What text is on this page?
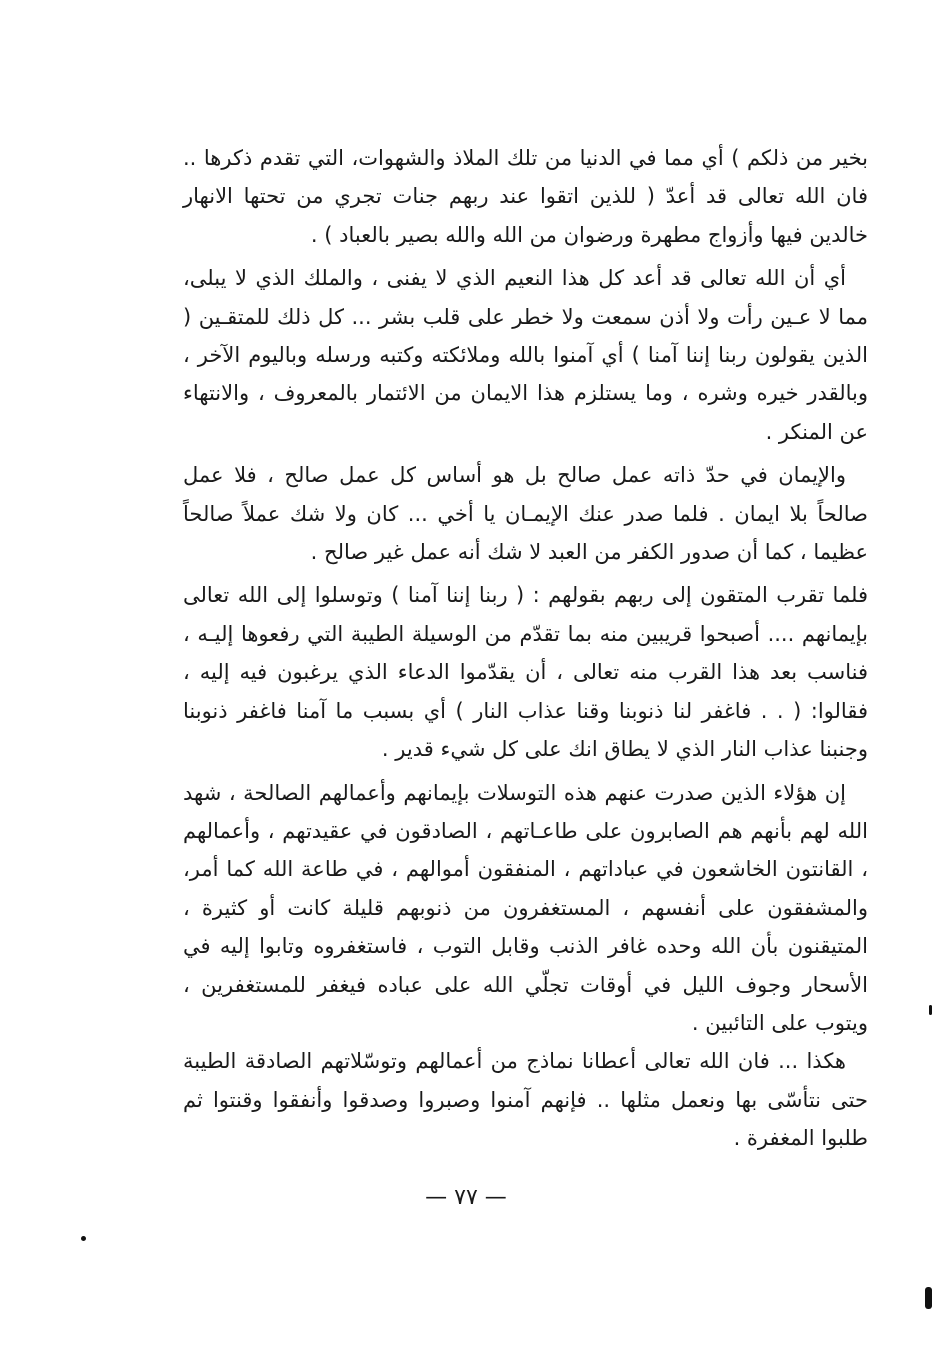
بخير من ذلكم ) أي مما في الدنيا من تلك الملاذ والشهوات، التي تقدم ذكرها .. فان الله تعالى قد أعدّ ( للذين اتقوا عند ربهم جنات تجري من تحتها الانهار خالدين فيها وأزواج مطهرة ورضوان من الله والله بصير بالعباد ) .

أي أن الله تعالى قد أعد كل هذا النعيم الذي لا يفنى ، والملك الذي لا يبلى، مما لا عـين رأت ولا أذن سمعت ولا خطر على قلب بشر ... كل ذلك للمتقـين ( الذين يقولون ربنا إننا آمنا ) أي آمنوا بالله وملائكته وكتبه ورسله وباليوم الآخر ، وبالقدر خيره وشره ، وما يستلزم هذا الايمان من الائتمار بالمعروف ، والانتهاء عن المنكر .

والإيمان في حدّ ذاته عمل صالح بل هو أساس كل عمل صالح ، فلا عمل صالحاً بلا ايمان . فلما صدر عنك الإيمـان يا أخي ... كان ولا شك عملاً صالحاً عظيما ، كما أن صدور الكفر من العبد لا شك أنه عمل غير صالح .

فلما تقرب المتقون إلى ربهم بقولهم : ( ربنا إننا آمنا ) وتوسلوا إلى الله تعالى بإيمانهم .... أصبحوا قريبين منه بما تقدّم من الوسيلة الطيبة التي رفعوها إليـه ، فناسب بعد هذا القرب منه تعالى ، أن يقدّموا الدعاء الذي يرغبون فيه إليه ، فقالوا: ( . . فاغفر لنا ذنوبنا وقنا عذاب النار ) أي بسبب ما آمنا فاغفر ذنوبنا وجنبنا عذاب النار الذي لا يطاق انك على كل شيء قدير .

إن هؤلاء الذين صدرت عنهم هذه التوسلات بإيمانهم وأعمالهم الصالحة ، شهد الله لهم بأنهم هم الصابرون على طاعـاتهم ، الصادقون في عقيدتهم ، وأعمالهم ، القانتون الخاشعون في عباداتهم ، المنفقون أموالهم ، في طاعة الله كما أمر، والمشفقون على أنفسهم ، المستغفرون من ذنوبهم قليلة كانت أو كثيرة ، المتيقنون بأن الله وحده غافر الذنب وقابل التوب ، فاستغفروه وتابوا إليه في الأسحار وجوف الليل في أوقات تجلّي الله على عباده فيغفر للمستغفرين ، ويتوب على التائبين .

هكذا ... فان الله تعالى أعطانا نماذج من أعمالهم وتوسّلاتهم الصادقة الطيبة حتى نتأسّى بها ونعمل مثلها .. فإنهم آمنوا وصبروا وصدقوا وأنفقوا وقنتوا ثم طلبوا المغفرة .

— ٧٧ —
